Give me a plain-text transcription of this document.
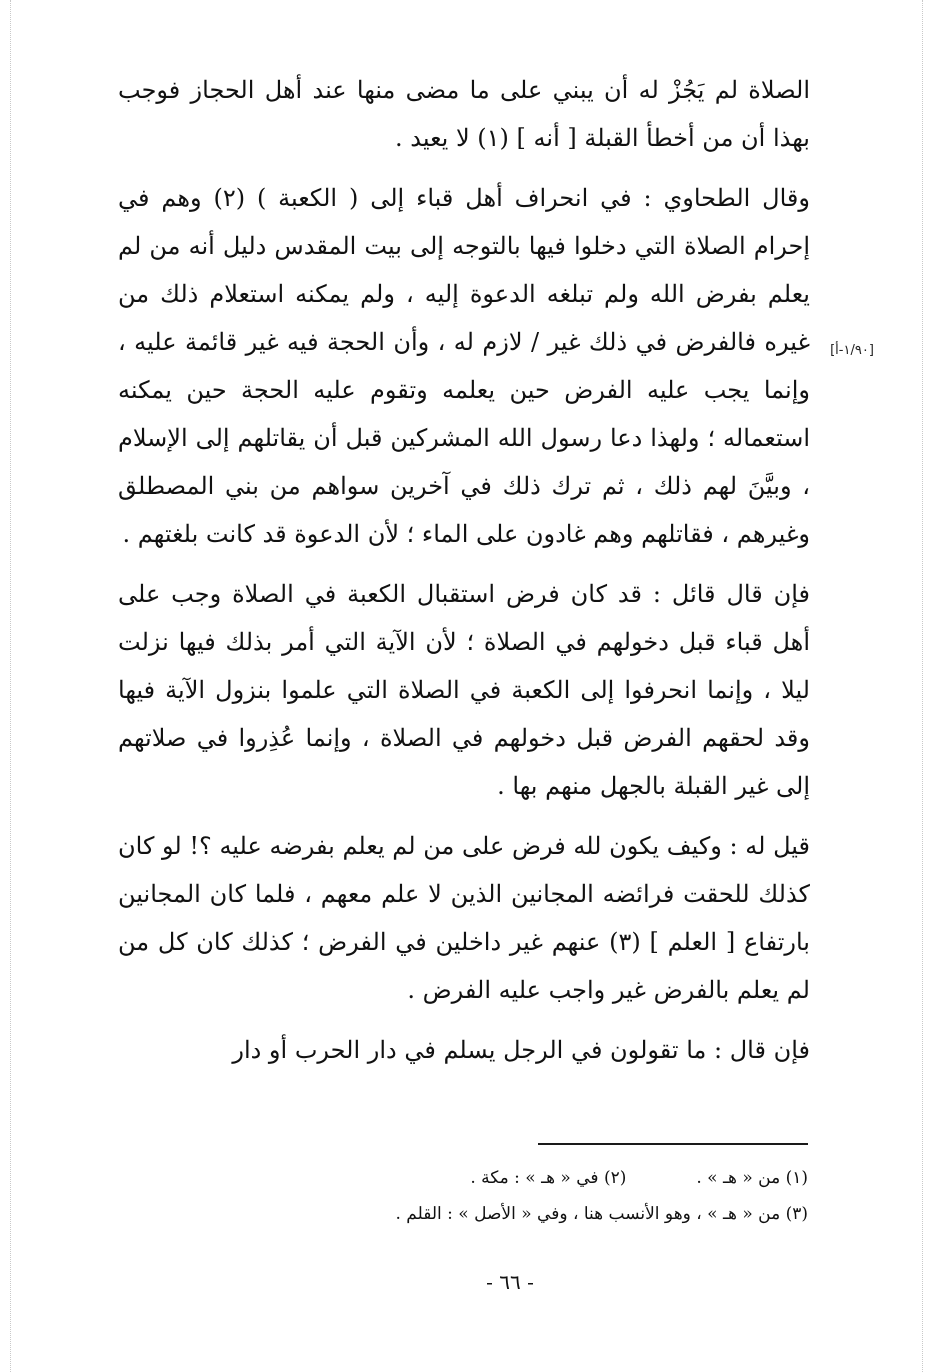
الصلاة لم يَجُزْ له أن يبني على ما مضى منها عند أهل الحجاز فوجب بهذا أن من أخطأ القبلة [ أنه ] (١) لا يعيد .

وقال الطحاوي : في انحراف أهل قباء إلى ( الكعبة ) (٢) وهم في إحرام الصلاة التي دخلوا فيها بالتوجه إلى بيت المقدس دليل أنه من لم يعلم بفرض الله ولم تبلغه الدعوة إليه ، ولم يمكنه استعلام ذلك من غيره فالفرض في ذلك غير / لازم له ، وأن الحجة فيه غير قائمة عليه ، وإنما يجب عليه الفرض حين يعلمه وتقوم عليه الحجة حين يمكنه استعماله ؛ ولهذا دعا رسول الله المشركين قبل أن يقاتلهم إلى الإسلام ، وبيَّنَ لهم ذلك ، ثم ترك ذلك في آخرين سواهم من بني المصطلق وغيرهم ، فقاتلهم وهم غادون على الماء ؛ لأن الدعوة قد كانت بلغتهم .

فإن قال قائل : قد كان فرض استقبال الكعبة في الصلاة وجب على أهل قباء قبل دخولهم في الصلاة ؛ لأن الآية التي أمر بذلك فيها نزلت ليلا ، وإنما انحرفوا إلى الكعبة في الصلاة التي علموا بنزول الآية فيها وقد لحقهم الفرض قبل دخولهم في الصلاة ، وإنما عُذِروا في صلاتهم إلى غير القبلة بالجهل منهم بها .

قيل له : وكيف يكون لله فرض على من لم يعلم بفرضه عليه ؟! لو كان كذلك للحقت فرائضه المجانين الذين لا علم معهم ، فلما كان المجانين بارتفاع [ العلم ] (٣) عنهم غير داخلين في الفرض ؛ كذلك كان كل من لم يعلم بالفرض غير واجب عليه الفرض .

فإن قال : ما تقولون في الرجل يسلم في دار الحرب أو دار

[١/٩٠-أ]
(١) من « هـ » .
(٢) في « هـ » : مكة .
(٣) من « هـ » ، وهو الأنسب هنا ، وفي « الأصل » : القلم .
- ٦٦ -
